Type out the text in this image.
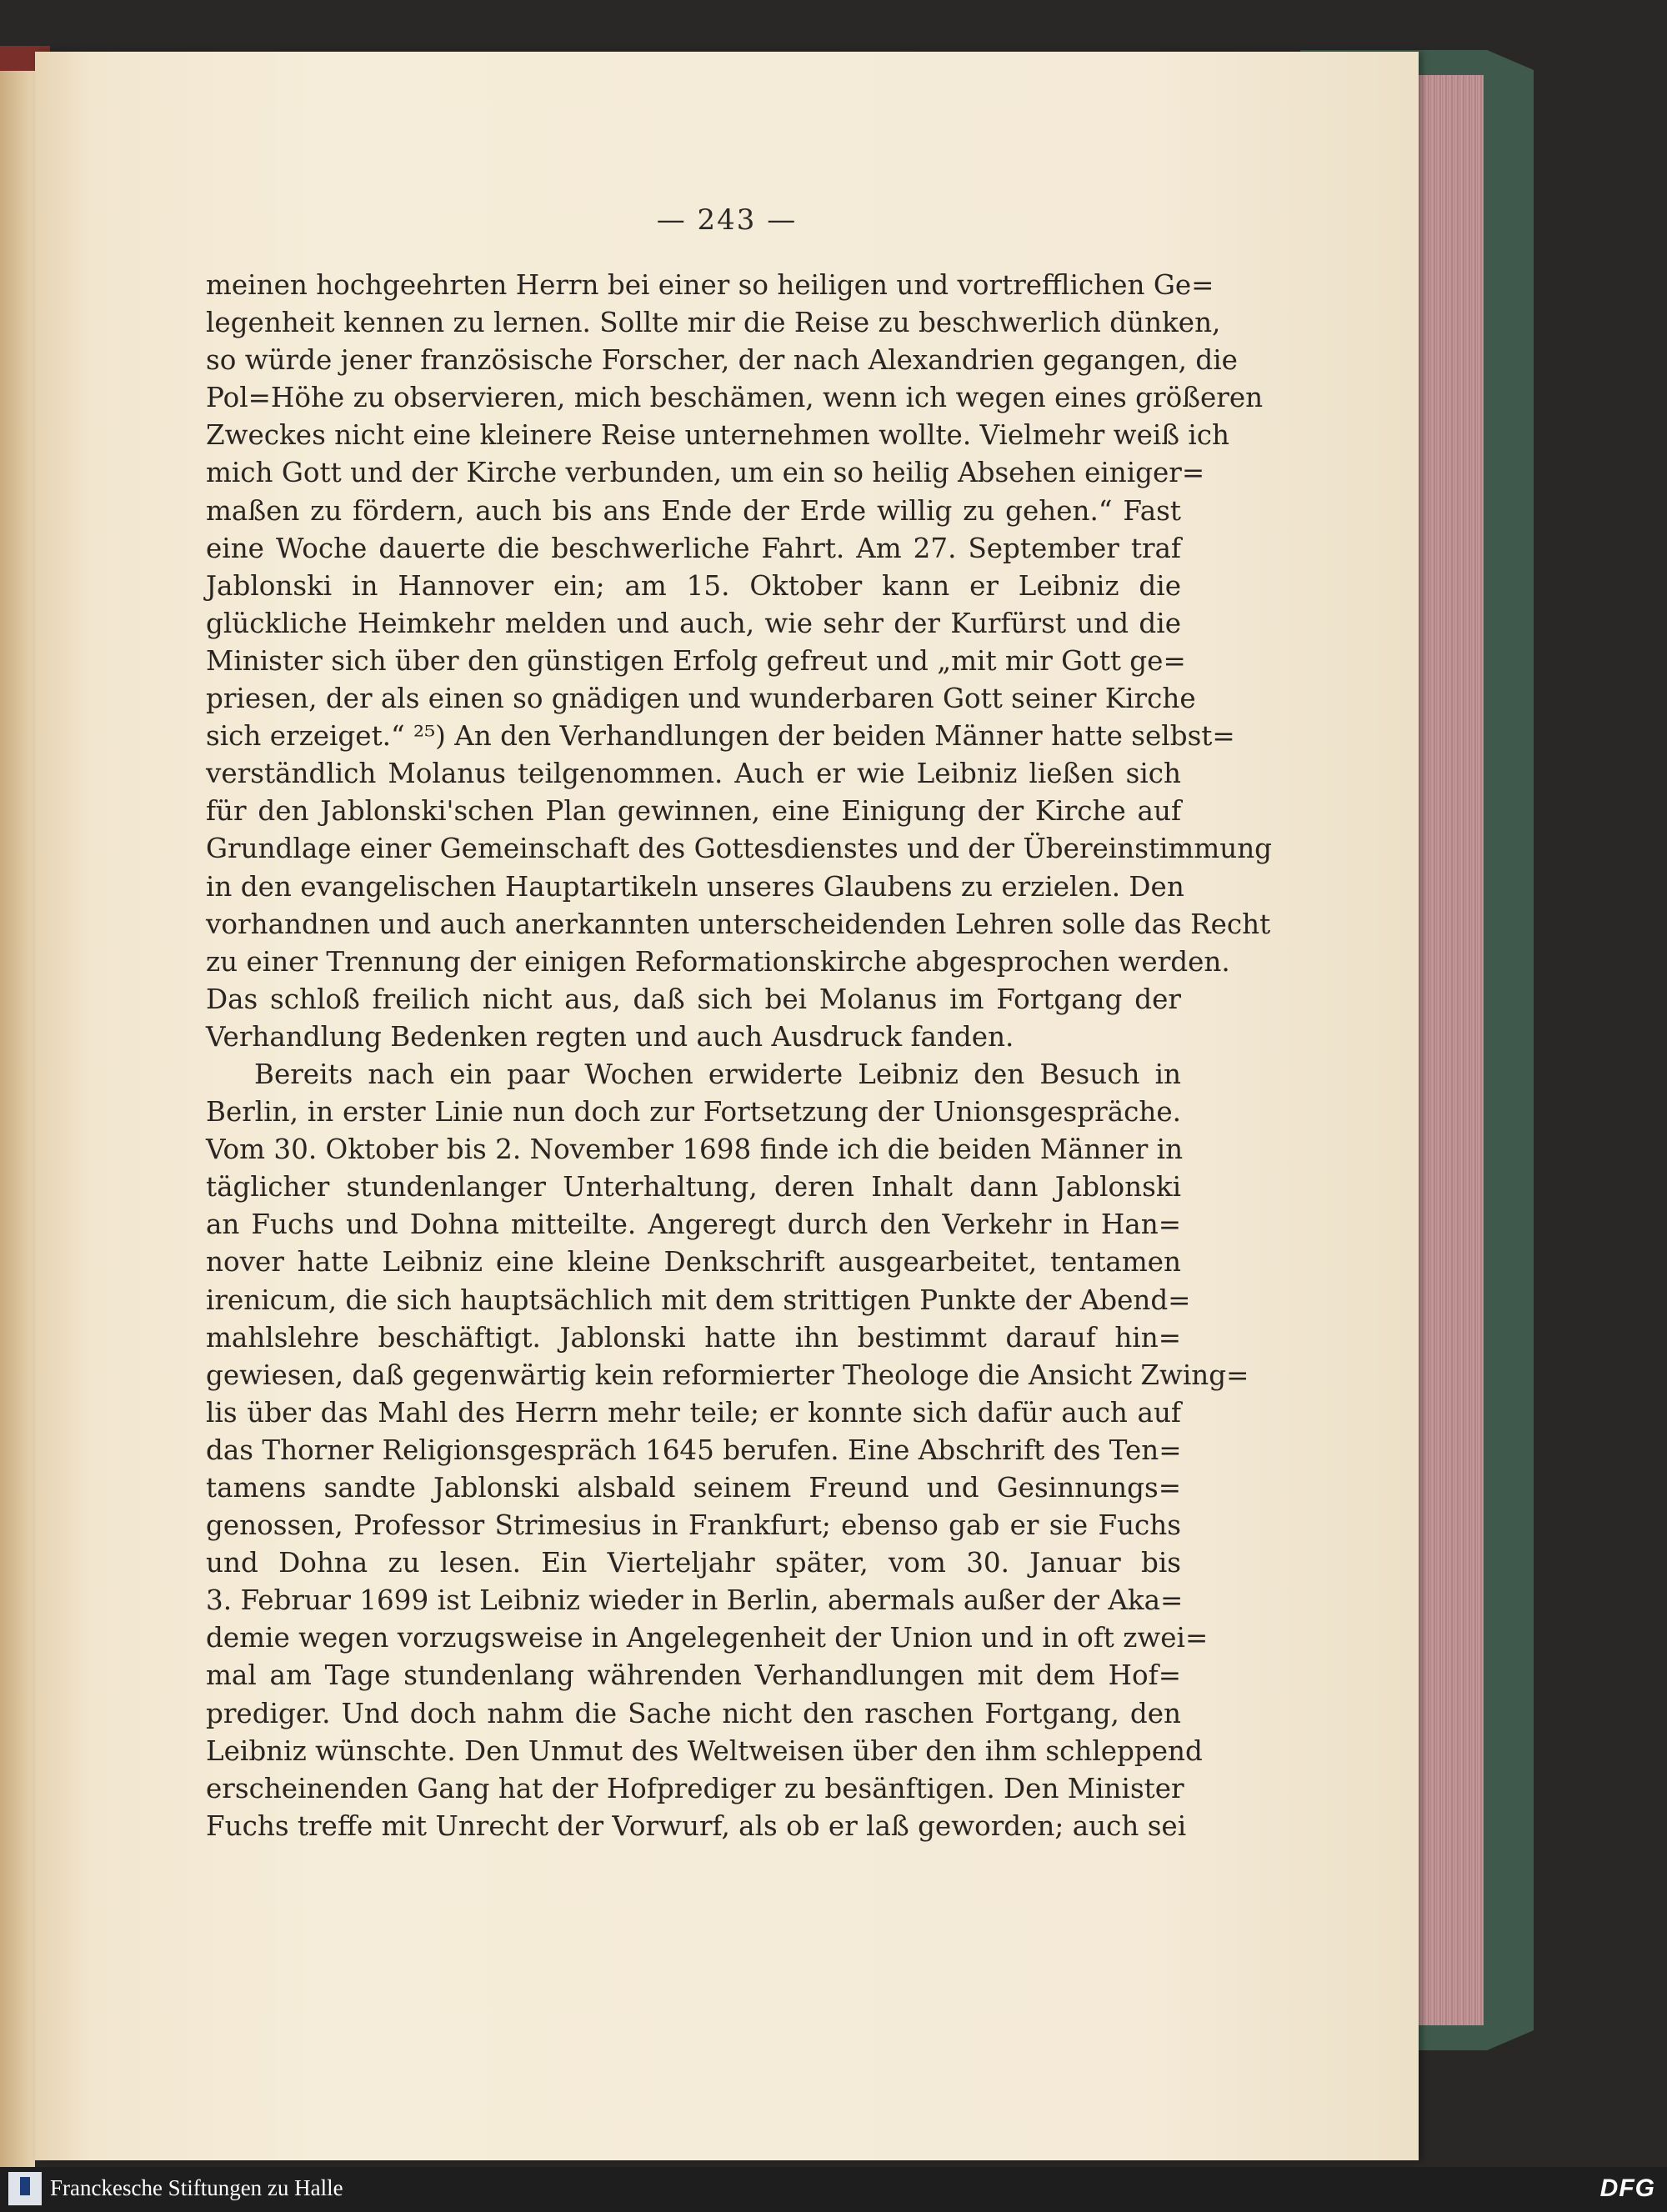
— 243 —
meinen hochgeehrten Herrn bei einer so heiligen und vortrefflichen Ge=
legenheit kennen zu lernen. Sollte mir die Reise zu beschwerlich dünken,
so würde jener französische Forscher, der nach Alexandrien gegangen, die
Pol=Höhe zu observieren, mich beschämen, wenn ich wegen eines größeren
Zweckes nicht eine kleinere Reise unternehmen wollte. Vielmehr weiß ich
mich Gott und der Kirche verbunden, um ein so heilig Absehen einiger=
maßen zu fördern, auch bis ans Ende der Erde willig zu gehen.“ Fast
eine Woche dauerte die beschwerliche Fahrt. Am 27. September traf
Jablonski in Hannover ein; am 15. Oktober kann er Leibniz die
glückliche Heimkehr melden und auch, wie sehr der Kurfürst und die
Minister sich über den günstigen Erfolg gefreut und „mit mir Gott ge=
priesen, der als einen so gnädigen und wunderbaren Gott seiner Kirche
sich erzeiget.“ ²⁵) An den Verhandlungen der beiden Männer hatte selbst=
verständlich Molanus teilgenommen. Auch er wie Leibniz ließen sich
für den Jablonski'schen Plan gewinnen, eine Einigung der Kirche auf
Grundlage einer Gemeinschaft des Gottesdienstes und der Übereinstimmung
in den evangelischen Hauptartikeln unseres Glaubens zu erzielen. Den
vorhandnen und auch anerkannten unterscheidenden Lehren solle das Recht
zu einer Trennung der einigen Reformationskirche abgesprochen werden.
Das schloß freilich nicht aus, daß sich bei Molanus im Fortgang der
Verhandlung Bedenken regten und auch Ausdruck fanden.
Bereits nach ein paar Wochen erwiderte Leibniz den Besuch in
Berlin, in erster Linie nun doch zur Fortsetzung der Unionsgespräche.
Vom 30. Oktober bis 2. November 1698 finde ich die beiden Männer in
täglicher stundenlanger Unterhaltung, deren Inhalt dann Jablonski
an Fuchs und Dohna mitteilte. Angeregt durch den Verkehr in Han=
nover hatte Leibniz eine kleine Denkschrift ausgearbeitet, tentamen
irenicum, die sich hauptsächlich mit dem strittigen Punkte der Abend=
mahlslehre beschäftigt. Jablonski hatte ihn bestimmt darauf hin=
gewiesen, daß gegenwärtig kein reformierter Theologe die Ansicht Zwing=
lis über das Mahl des Herrn mehr teile; er konnte sich dafür auch auf
das Thorner Religionsgespräch 1645 berufen. Eine Abschrift des Ten=
tamens sandte Jablonski alsbald seinem Freund und Gesinnungs=
genossen, Professor Strimesius in Frankfurt; ebenso gab er sie Fuchs
und Dohna zu lesen. Ein Vierteljahr später, vom 30. Januar bis
3. Februar 1699 ist Leibniz wieder in Berlin, abermals außer der Aka=
demie wegen vorzugsweise in Angelegenheit der Union und in oft zwei=
mal am Tage stundenlang währenden Verhandlungen mit dem Hof=
prediger. Und doch nahm die Sache nicht den raschen Fortgang, den
Leibniz wünschte. Den Unmut des Weltweisen über den ihm schleppend
erscheinenden Gang hat der Hofprediger zu besänftigen. Den Minister
Fuchs treffe mit Unrecht der Vorwurf, als ob er laß geworden; auch sei
Franckesche Stiftungen zu Halle	DFG
